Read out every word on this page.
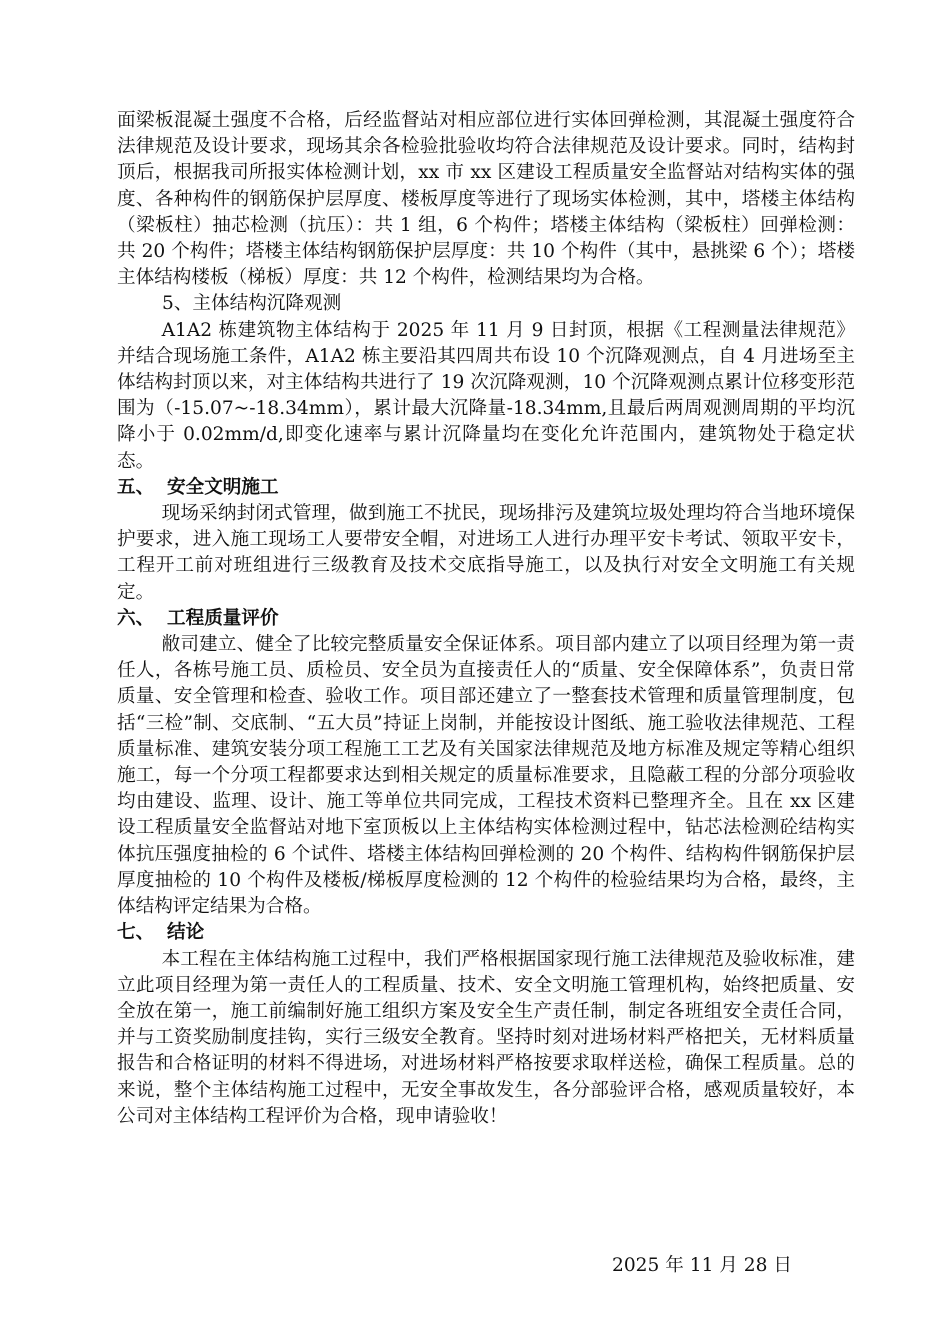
面梁板混凝土强度不合格，后经监督站对相应部位进行实体回弹检测，其混凝土强度符合法律规范及设计要求，现场其余各检验批验收均符合法律规范及设计要求。同时，结构封顶后，根据我司所报实体检测计划，xx 市 xx 区建设工程质量安全监督站对结构实体的强度、各种构件的钢筋保护层厚度、楼板厚度等进行了现场实体检测，其中，塔楼主体结构（梁板柱）抽芯检测（抗压）：共 1 组，6 个构件；塔楼主体结构（梁板柱）回弹检测：共 20 个构件；塔楼主体结构钢筋保护层厚度：共 10 个构件（其中，悬挑梁 6 个）；塔楼主体结构楼板（梯板）厚度：共 12 个构件，检测结果均为合格。

5、主体结构沉降观测

A1A2 栋建筑物主体结构于 2025 年 11 月 9 日封顶，根据《工程测量法律规范》并结合现场施工条件，A1A2 栋主要沿其四周共布设 10 个沉降观测点，自 4 月进场至主体结构封顶以来，对主体结构共进行了 19 次沉降观测，10 个沉降观测点累计位移变形范围为（-15.07~-18.34mm），累计最大沉降量-18.34mm,且最后两周观测周期的平均沉降小于 0.02mm/d,即变化速率与累计沉降量均在变化允许范围内，建筑物处于稳定状态。

五、 安全文明施工

现场采纳封闭式管理，做到施工不扰民，现场排污及建筑垃圾处理均符合当地环境保护要求，进入施工现场工人要带安全帽，对进场工人进行办理平安卡考试、领取平安卡，工程开工前对班组进行三级教育及技术交底指导施工，以及执行对安全文明施工有关规定。

六、 工程质量评价

敝司建立、健全了比较完整质量安全保证体系。项目部内建立了以项目经理为第一责任人，各栋号施工员、质检员、安全员为直接责任人的“质量、安全保障体系”，负责日常质量、安全管理和检查、验收工作。项目部还建立了一整套技术管理和质量管理制度，包括“三检”制、交底制、“五大员”持证上岗制，并能按设计图纸、施工验收法律规范、工程质量标准、建筑安装分项工程施工工艺及有关国家法律规范及地方标准及规定等精心组织施工，每一个分项工程都要求达到相关规定的质量标准要求，且隐蔽工程的分部分项验收均由建设、监理、设计、施工等单位共同完成，工程技术资料已整理齐全。且在 xx 区建设工程质量安全监督站对地下室顶板以上主体结构实体检测过程中，钻芯法检测砼结构实体抗压强度抽检的 6 个试件、塔楼主体结构回弹检测的 20 个构件、结构构件钢筋保护层厚度抽检的 10 个构件及楼板/梯板厚度检测的 12 个构件的检验结果均为合格，最终，主体结构评定结果为合格。

七、 结论

本工程在主体结构施工过程中，我们严格根据国家现行施工法律规范及验收标准，建立此项目经理为第一责任人的工程质量、技术、安全文明施工管理机构，始终把质量、安全放在第一，施工前编制好施工组织方案及安全生产责任制，制定各班组安全责任合同，并与工资奖励制度挂钩，实行三级安全教育。坚持时刻对进场材料严格把关，无材料质量报告和合格证明的材料不得进场，对进场材料严格按要求取样送检，确保工程质量。总的来说，整个主体结构施工过程中，无安全事故发生，各分部验评合格，感观质量较好，本公司对主体结构工程评价为合格，现申请验收！

2025 年 11 月 28 日
